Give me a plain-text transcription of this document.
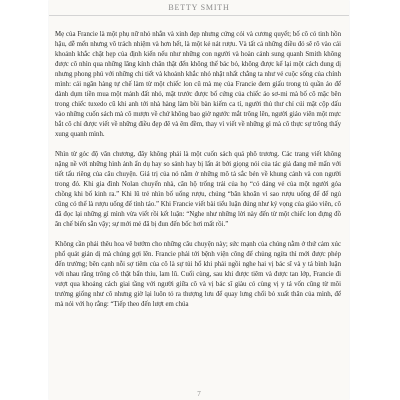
BETTY SMITH

Mẹ của Francie là một phụ nữ nhỏ nhắn và xinh đẹp nhưng cứng cỏi và cương quyết; bố cô có tinh hồn hậu, dễ mến nhưng vô trách nhiệm và hơn hết, là một kẻ nát rượu. Và tất cả những điều đó sẽ rõ vào cái khoảnh khắc chật hẹp của định kiến nếu như những con người và hoàn cảnh sung quanh Smith không được cô nhìn qua những lăng kính chân thật đến không thể bác bỏ, không được kể lại một cách dung dị nhưng phong phú với những chi tiết và khoảnh khắc nhỏ nhặt nhất chẳng ta như vẻ cuộc sống của chính mình: cái ngăn hàng tự chế làm từ một chiếc lon cũ mà mẹ của Francie đem giấu trong tủ quần áo để dành dụm tiền mua một mảnh đất nhỏ, mặt trước được bố cứng của chiếc áo sơ-mi mà bố cô mặc bên trong chiếc tuxedo cũ khi anh tới nhà hàng làm bồi bàn kiếm ca tí, người thủ thư chỉ cúi mặt cộp dấu vào những cuốn sách mà cô mượn về chứ không bao giờ ngước mắt trông lên, người giáo viên một mực bắt cô chỉ được viết về những điều đẹp đẽ và êm đềm, thay vì viết về những gì mà cô thực sự trông thấy xung quanh mình.

Nhìn từ góc độ văn chương, đây không phải là một cuốn sách quá phô trương. Các trang viết không nặng nề với những hình ảnh ẩn dụ hay so sánh hay bị lấn át bởi giọng nói của tác giả đang mê mẩn với tiết tấu riêng của câu chuyện. Giá trị của nó nằm ở những mô tả sắc bén về khung cảnh và con người trong đó. Khi gia đình Nolan chuyển nhà, căn hộ trống trải của họ “có dáng vẻ của một người góa chồng khi bố kinh ra.” Khi lũ trẻ nhìn bố uống rượu, chúng “băn khoăn vì sao rượu uống để để ngủ cũng có thể là rượu uống để tỉnh táo.” Khi Francie viết bài tiểu luận đúng như ký vọng của giáo viên, cô đã đọc lại những gì mình vừa viết rồi kết luận: “Nghe như những lời này đến từ một chiếc lon đựng đồ ăn chế biến sẵn vậy; sự mới mẻ đã bị đun đến bốc hơi mất rồi.”

Không cần phải thêu hoa vẽ bướm cho những câu chuyện này; sức mạnh của chúng nằm ở thứ cảm xúc phổ quát giản dị mà chúng gợi lên. Francie phải tới bệnh viện công để chủng ngừa thì mới được phép đến trường; bên cạnh nỗi sợ tiêm của cô là sự tủi hổ khi phải ngồi nghe hai vị bác sĩ và y tá bình luận với nhau rằng trông cô thật bẩn thỉu, lam lũ. Cuối cùng, sau khi được tiêm và được tan lớp, Francie đi vượt qua khoảng cách giai tầng với người giữa cô và vị bác sĩ giàu có cùng vị y tá vốn cũng từ môi trường giống như cô nhưng giờ lại luôn tỏ ra thượng lưu để quay lưng chối bỏ xuất thân của mình, để mà nói với họ rằng: “Tiếp theo đến lượt em chúa

7
